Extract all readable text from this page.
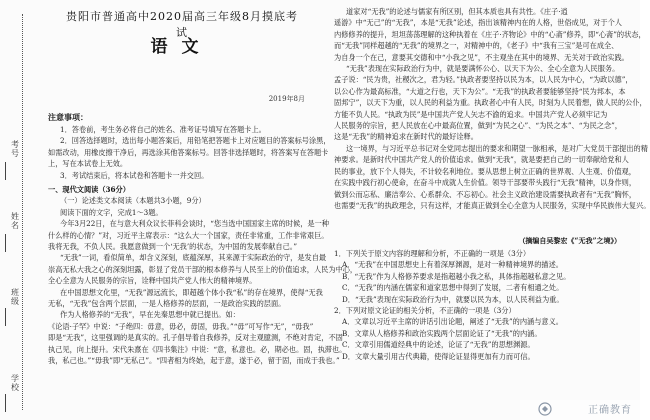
考号
姓名
班级
学校
贵阳市普通高中2020届高三年级8月摸底考试
语文
2019年8月
注意事项：
1．答卷前，考生务必将自己的姓名、准考证号填写在答题卡上。
2．回答选择题时，选出每小题答案后，用铅笔把答题卡上对应题目的答案标号涂黑，
如需改动，用橡皮擦干净后，再选涂其他答案标号。回答非选择题时，将答案写在答题卡
上，写在本试卷上无效。
3．考试结束后，将本试卷和答题卡一并交回。
一、现代文阅读（36分）
（一）论述类文本阅读（本题共3小题，9分）
阅读下面的文字，完成1～3题。
今年3月22日，在与意大利众议长菲科会谈时，“您当选中国国家主席的时候，是一种
什么样的心情？”对，习近平主席表示：“这么大一个国家，责任非常重，工作非常艰巨。
我将无我，不负人民。我愿意做到一个‘无我’的状态，为中国的发展奉献自己。”
“无我”一词，看似简单，却含义深刻，底蕴深厚，其来源于实际政治的守，是发自最
崇高无私大我之心的深刻坦露，彰显了党员干部的根本修养与人民至上的价值追求，人民为中心，
全心全意为人民服务的宗旨，诠释中国共产党人伟大的精神境界。
在中国思想文化里，“无我”源远流长，即超越个体小我“私”的存在境界，使得“无我
无私，“无我”包含两个层面，一是人格修养的层面，一是政治实践的层面。
作为人格修养的“无我”，早在先秦思想中就已提出。如：
《论语·子罕》中说：“子绝四：毋意，毋必，毋固，毋我。”“毋”可写作“无”，“毋我”
即是“无我”，这里强调的是真实的。孔子倡导着自我修养，反对主观臆测，不绝对肯定，不固
执己见，向上提升。宋代朱熹在《四书集注》中说：“意，私意也。必，期必也。固，执滞也。
我，私己也。”“毋我”即“无私己”。“四者相为终始，起于意，遂于必，留于固，而成于我也。”
道家对“无我”的论述与儒家有所区别，但其本质也具有共性。《庄子·逍
遥游》中“无己”的“无我”，本是“无我”论述，指出该精神内在的人格，世俗成见，对于个人
内修修养的提升，坦坦荡荡理解的这种执着在《庄子·齐物论》中的“心斋”修养，即“心斋”的状态，
而“无我”同样超越的“无我”的境界之一，对精神中的，《老子》中“我有三宝”是可在成全、
为自身一个在己，意要其交德和中“小我之见”，不主观坐在其中的境界、无关对于政治实践。
“无我”表现在实际政治行为中，就是要满怀公心、以天下为公、全心全意为人民服务。
孟子说：“民为贵，社稷次之，君为轻。”执政者要坚持以民为本，以人民为中心，“为政以德”，
以公心作为最高标准，“大道之行也，天下为公”。“无我”的执政者要能够坚持“民为邦本，本
固邦宁”，以天下为重，以人民的利益为重。执政者心中有人民，时刻为人民着想，做人民的公仆，
方能不负人民。“执政为民”是中国共产党人矢志不渝的追求。中国共产党人必须牢记为
人民服务的宗旨，把人民放在心中最高位置，做到“为民之心”、“为民之本”、“为民之念”，
这是“无我”的精神追求在新时代的最好诠释。
这一境界，与习近平总书记对全党同志提出的要求和期望一脉相承，是对广大党员干部提出的精
神要求。是新时代中国共产党人的价值追求。做到“无我”，就是要把自己的一切奉献给党和人
民的事业，放下个人得失，不计较名利地位。要从思想上树立正确的世界观、人生观、价值观，
在实践中践行初心使命，在奋斗中成就人生价值。领导干部要带头践行“无我”精神，以身作则，
做到公而忘私、廉洁奉公、心系群众、不忘初心。社会主义政治建设需要执政者有“无我”胸怀，
也需要“无我”的执政理念，只有这样，才能真正做到全心全意为人民服务，实现中华民族伟大复兴。
（摘编自吴黎宏《“无我”之境》）
1．下列关于原文内容的理解和分析，不正确的一项是（3分）
A．“无我”在中国思想史上有着深厚渊源，是对一种精神境界的描述。
B．“无我”作为人格修养要求是指超越小我之私，具体指超越私意之见。
C．“无我”的内涵在儒家和道家思想中得到了发展，二者有相通之处。
D．“无我”表现在实际政治行为中，就要以民为本，以人民利益为重。
2．下列对原文论证的相关分析，不正确的一项是（3分）
A．文章以习近平主席的讲话引出论题，阐述了“无我”的内涵与意义。
B．文章从人格修养和政治实践两个层面论证了“无我”的内涵。
C．文章引用儒道经典中的论述，论证了“无我”的思想渊源。
D．文章大量引用古代典籍，使得论证显得更加有力而可信。
正确教育
